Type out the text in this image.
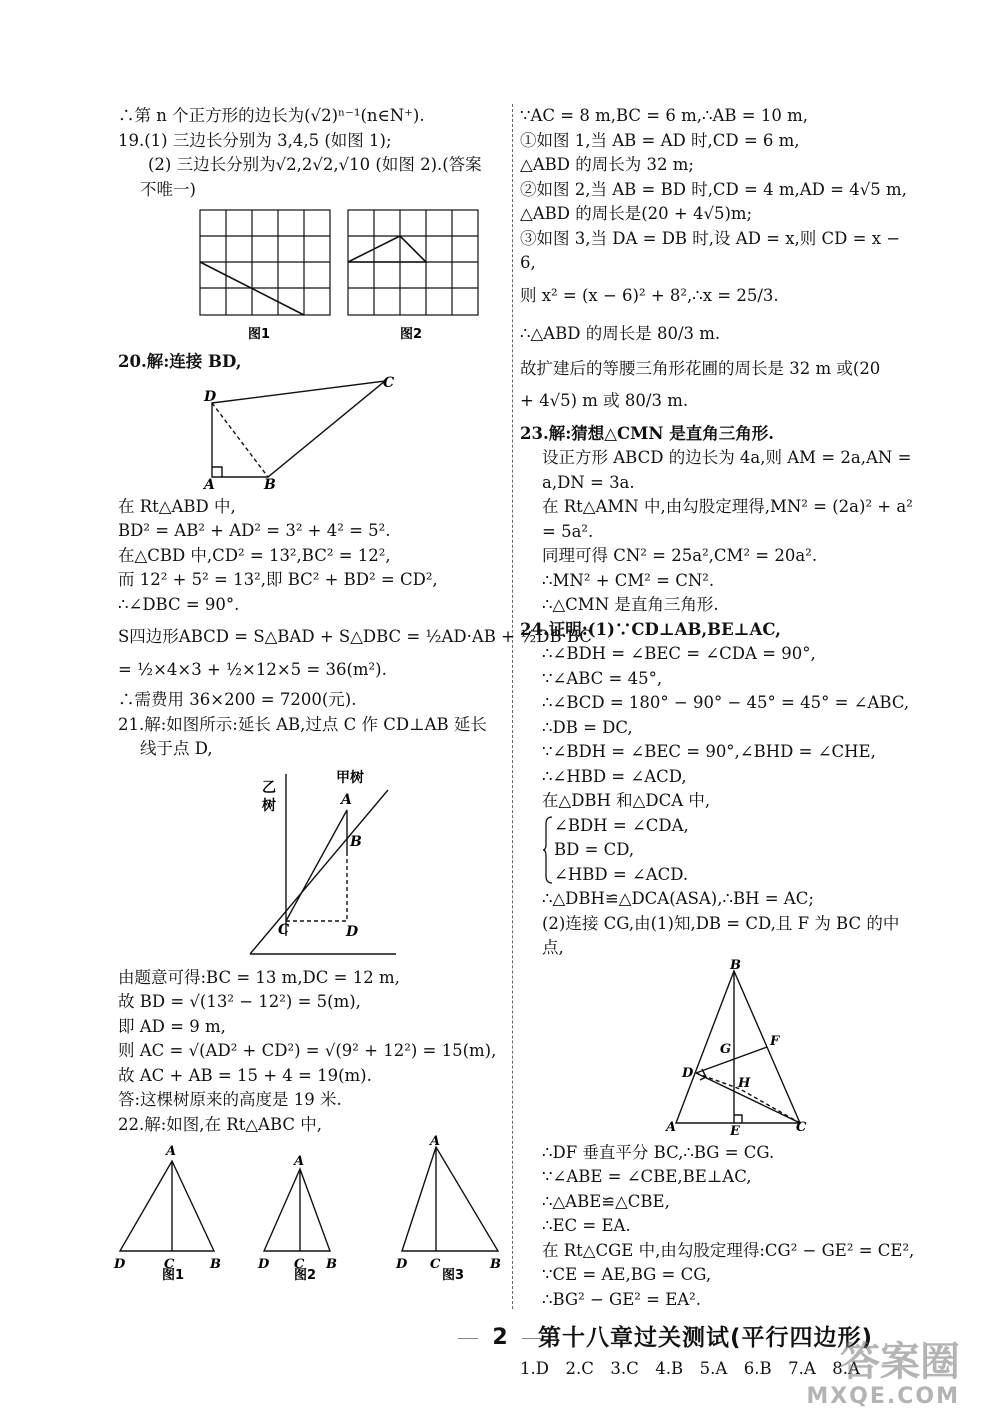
∴第 n 个正方形的边长为(√2)ⁿ⁻¹(n∈N⁺).
19.(1) 三边长分别为 3,4,5 (如图 1);
(2) 三边长分别为√2,2√2,√10 (如图 2).(答案
不唯一)
图1	图2
20.解:连接 BD,
D
C
A	B
在 Rt△ABD 中,
BD² = AB² + AD² = 3² + 4² = 5².
在△CBD 中,CD² = 13²,BC² = 12²,
而 12² + 5² = 13²,即 BC² + BD² = CD²,
∴∠DBC = 90°.
S四边形ABCD = S△BAD + S△DBC = ½AD·AB + ½DB·BC
= ½×4×3 + ½×12×5 = 36(m²).
∴需费用 36×200 = 7200(元).
21.解:如图所示:延长 AB,过点 C 作 CD⊥AB 延长
线于点 D,
乙
树
甲树
A
B
C	D
由题意可得:BC = 13 m,DC = 12 m,
故 BD = √(13² − 12²) = 5(m),
即 AD = 9 m,
则 AC = √(AD² + CD²) = √(9² + 12²) = 15(m),
故 AC + AB = 15 + 4 = 19(m).
答:这棵树原来的高度是 19 米.
22.解:如图,在 Rt△ABC 中,
A
D	C	B
A
D C B
A
D C	B
图1	图2	图3
∵AC = 8 m,BC = 6 m,∴AB = 10 m,
①如图 1,当 AB = AD 时,CD = 6 m,
△ABD 的周长为 32 m;
②如图 2,当 AB = BD 时,CD = 4 m,AD = 4√5 m,
△ABD 的周长是(20 + 4√5)m;
③如图 3,当 DA = DB 时,设 AD = x,则 CD = x −
6,
则 x² = (x − 6)² + 8²,∴x = 25/3.
∴△ABD 的周长是 80/3 m.
故扩建后的等腰三角形花圃的周长是 32 m 或(20
+ 4√5) m 或 80/3 m.
23.解:猜想△CMN 是直角三角形.
设正方形 ABCD 的边长为 4a,则 AM = 2a,AN =
a,DN = 3a.
在 Rt△AMN 中,由勾股定理得,MN² = (2a)² + a²
= 5a².
同理可得 CN² = 25a²,CM² = 20a².
∴MN² + CM² = CN².
∴△CMN 是直角三角形.
24.证明:(1)∵CD⊥AB,BE⊥AC,
∴∠BDH = ∠BEC = ∠CDA = 90°,
∵∠ABC = 45°,
∴∠BCD = 180° − 90° − 45° = 45° = ∠ABC,
∴DB = DC,
∵∠BDH = ∠BEC = 90°,∠BHD = ∠CHE,
∴∠HBD = ∠ACD,
在△DBH 和△DCA 中,
∠BDH = ∠CDA,
BD = CD,
∠HBD = ∠ACD.
∴△DBH≌△DCA(ASA),∴BH = AC;
(2)连接 CG,由(1)知,DB = CD,且 F 为 BC 的中
点,
B
G
F
D
H
A	E	C
∴DF 垂直平分 BC,∴BG = CG.
∵∠ABE = ∠CBE,BE⊥AC,
∴△ABE≌△CBE,
∴EC = EA.
在 Rt△CGE 中,由勾股定理得:CG² − GE² = CE²,
∵CE = AE,BG = CG,
∴BG² − GE² = EA².
第十八章过关测试(平行四边形)
1.D　2.C　3.C　4.B　5.A　6.B　7.A　8.A
2
答案圈
MXQE.COM
